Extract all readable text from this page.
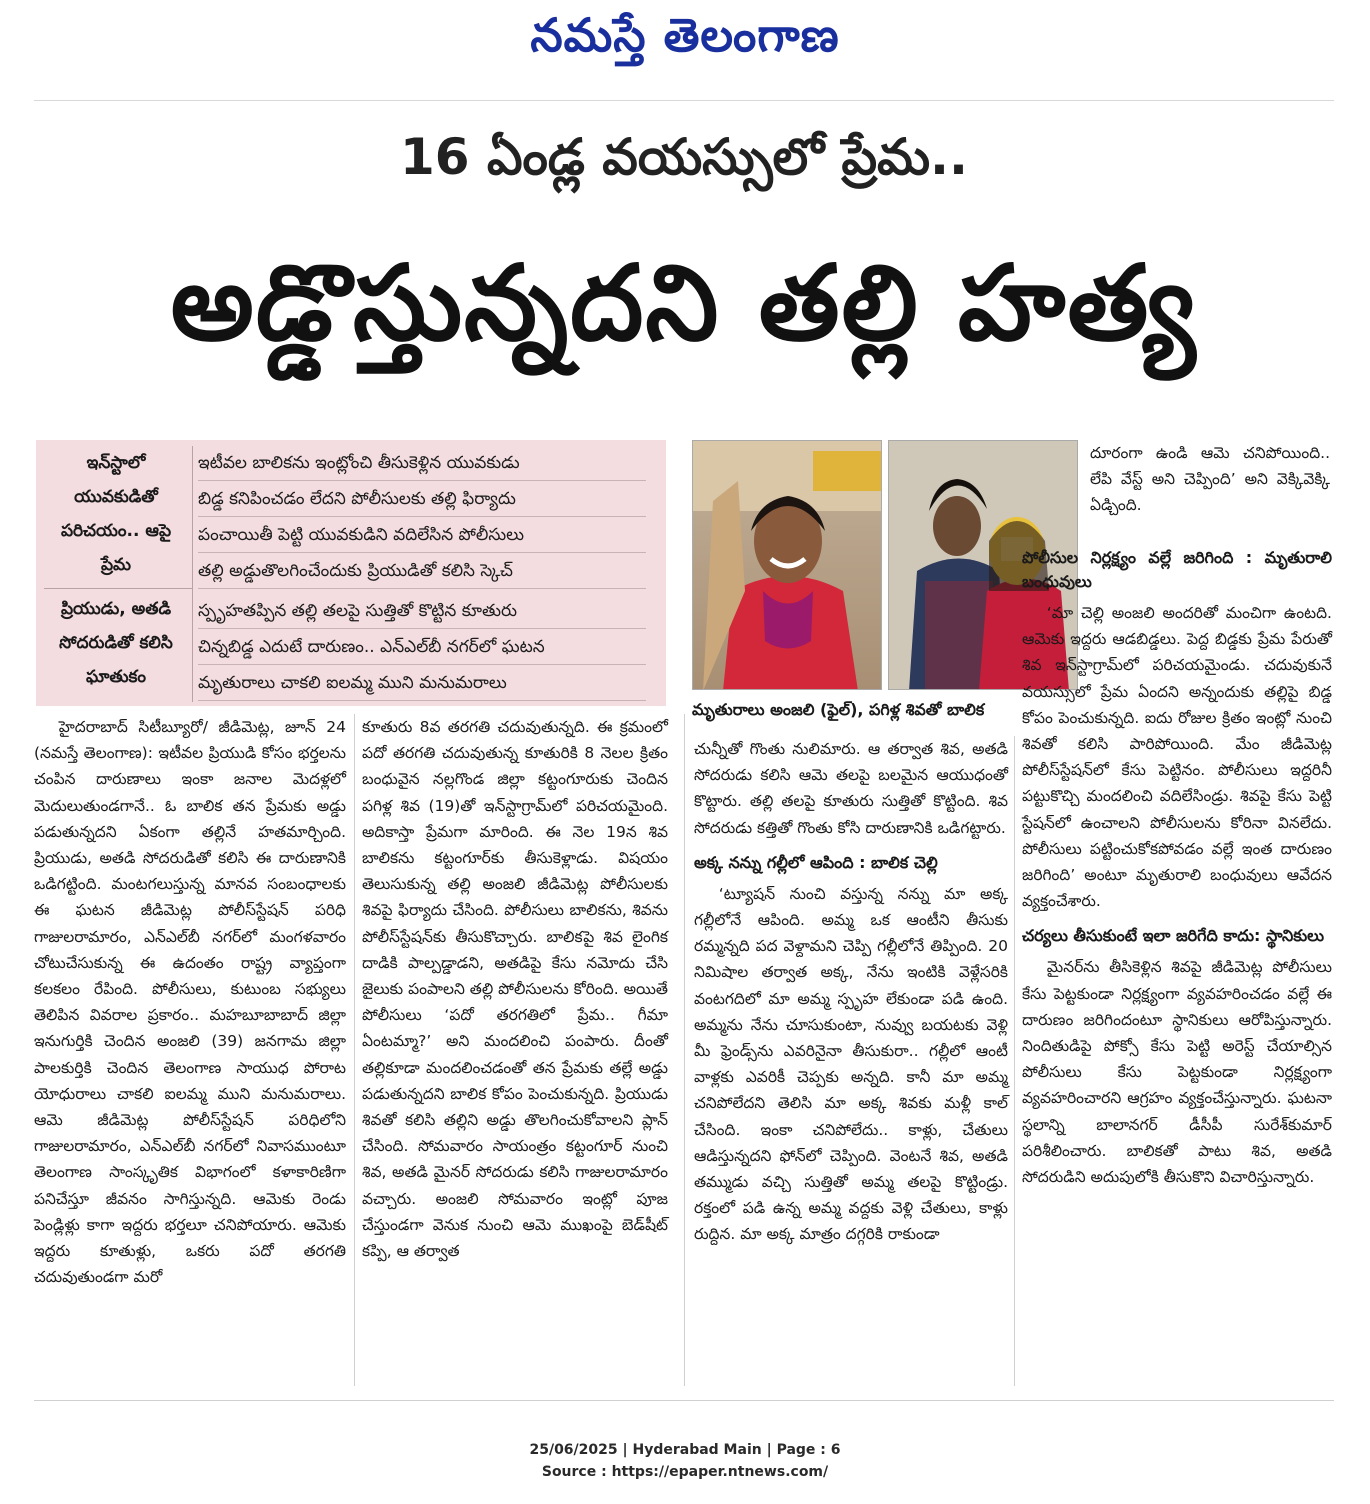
నమస్తే తెలంగాణ
16 ఏండ్ల వయస్సులో ప్రేమ..
అడ్డొస్తున్నదని తల్లి హత్య
ఇన్‌స్టాలో యువకుడితో పరిచయం.. ఆపై ప్రేమ
ప్రియుడు, అతడి సోదరుడితో కలిసి ఘాతుకం
ఇటీవల బాలికను ఇంట్లోంచి తీసుకెళ్లిన యువకుడు
బిడ్డ కనిపించడం లేదని పోలీసులకు తల్లి ఫిర్యాదు
పంచాయితీ పెట్టి యువకుడిని వదిలేసిన పోలీసులు
తల్లి అడ్డుతొలగించేందుకు ప్రియుడితో కలిసి స్కెచ్
స్పృహతప్పిన తల్లి తలపై సుత్తితో కొట్టిన కూతురు
చిన్నబిడ్డ ఎదుటే దారుణం.. ఎన్‌ఎల్‌బీ నగర్‌లో ఘటన
మృతురాలు చాకలి ఐలమ్మ ముని మనుమరాలు
మృతురాలు అంజలి (ఫైల్), పగిళ్ల శివతో బాలిక

హైదరాబాద్ సిటీబ్యూరో/ జీడిమెట్ల, జూన్ 24 (నమస్తే తెలంగాణ): ఇటీవల ప్రియుడి కోసం భర్తలను చంపిన దారుణాలు ఇంకా జనాల మెదళ్లలో మెదులుతుండగానే.. ఓ బాలిక తన ప్రేమకు అడ్డు పడుతున్నదని ఏకంగా తల్లినే హతమార్చింది. ప్రియుడు, అతడి సోదరుడితో కలిసి ఈ దారుణానికి ఒడిగట్టింది. మంటగలుస్తున్న మానవ సంబంధాలకు ఈ ఘటన జీడిమెట్ల పోలీస్‌స్టేషన్ పరిధి గాజులరామారం, ఎన్‌ఎల్‌బీ నగర్‌లో మంగళవారం చోటుచేసుకున్న ఈ ఉదంతం రాష్ట్ర వ్యాప్తంగా కలకలం రేపింది. పోలీసులు, కుటుంబ సభ్యులు తెలిపిన వివరాల ప్రకారం.. మహబూబాబాద్ జిల్లా ఇనుగుర్తికి చెందిన అంజలి (39) జనగామ జిల్లా పాలకుర్తికి చెందిన తెలంగాణ సాయుధ పోరాట యోధురాలు చాకలి ఐలమ్మ ముని మనుమరాలు. ఆమె జీడిమెట్ల పోలీస్‌స్టేషన్ పరిధిలోని గాజులరామారం, ఎన్‌ఎల్‌బీ నగర్‌లో నివాసముంటూ తెలంగాణ సాంస్కృతిక విభాగంలో కళాకారిణిగా పనిచేస్తూ జీవనం సాగిస్తున్నది. ఆమెకు రెండు పెండ్లిళ్లు కాగా ఇద్దరు భర్తలూ చనిపోయారు. ఆమెకు ఇద్దరు కూతుళ్లు, ఒకరు పదో తరగతి చదువుతుండగా మరో

కూతురు 8వ తరగతి చదువుతున్నది. ఈ క్రమంలో పదో తరగతి చదువుతున్న కూతురికి 8 నెలల క్రితం బంధువైన నల్లగొండ జిల్లా కట్టంగూరుకు చెందిన పగిళ్ల శివ (19)తో ఇన్‌స్టాగ్రామ్‌లో పరిచయమైంది. అదికాస్తా ప్రేమగా మారింది. ఈ నెల 19న శివ బాలికను కట్టంగూర్‌కు తీసుకెళ్లాడు. విషయం తెలుసుకున్న తల్లి అంజలి జీడిమెట్ల పోలీసులకు శివపై ఫిర్యాదు చేసింది. పోలీసులు బాలికను, శివను పోలీస్‌స్టేషన్‌కు తీసుకొచ్చారు. బాలికపై శివ లైంగిక దాడికి పాల్పడ్డాడని, అతడిపై కేసు నమోదు చేసి జైలుకు పంపాలని తల్లి పోలీసులను కోరింది. అయితే పోలీసులు ‘పదో తరగతిలో ప్రేమ.. గీమా ఏంటమ్మా?’ అని మందలించి పంపారు. దీంతో తల్లికూడా మందలించడంతో తన ప్రేమకు తల్లే అడ్డు పడుతున్నదని బాలిక కోపం పెంచుకున్నది. ప్రియుడు శివతో కలిసి తల్లిని అడ్డు తొలగించుకోవాలని ప్లాన్ చేసింది. సోమవారం సాయంత్రం కట్టంగూర్ నుంచి శివ, అతడి మైనర్ సోదరుడు కలిసి గాజులరామారం వచ్చారు. అంజలి సోమవారం ఇంట్లో పూజ చేస్తుండగా వెనుక నుంచి ఆమె ముఖంపై బెడ్‌షీట్ కప్పి, ఆ తర్వాత

చున్నీతో గొంతు నులిమారు. ఆ తర్వాత శివ, అతడి సోదరుడు కలిసి ఆమె తలపై బలమైన ఆయుధంతో కొట్టారు. తల్లి తలపై కూతురు సుత్తితో కొట్టింది. శివ సోదరుడు కత్తితో గొంతు కోసి దారుణానికి ఒడిగట్టారు.

అక్క నన్ను గల్లీలో ఆపింది : బాలిక చెల్లి

‘ట్యూషన్ నుంచి వస్తున్న నన్ను మా అక్క గల్లీలోనే ఆపింది. అమ్మ ఒక ఆంటీని తీసుకు రమ్మన్నది పద వెళ్దామని చెప్పి గల్లీలోనే తిప్పింది. 20 నిమిషాల తర్వాత అక్క, నేను ఇంటికి వెళ్లేసరికి వంటగదిలో మా అమ్మ స్పృహ లేకుండా పడి ఉంది. అమ్మను నేను చూసుకుంటా, నువ్వు బయటకు వెళ్లి మీ ఫ్రెండ్స్‌ను ఎవరినైనా తీసుకురా.. గల్లీలో ఆంటీ వాళ్లకు ఎవరికీ చెప్పకు అన్నది. కానీ మా అమ్మ చనిపోలేదని తెలిసి మా అక్క శివకు మళ్లీ కాల్ చేసింది. ఇంకా చనిపోలేదు.. కాళ్లు, చేతులు ఆడిస్తున్నదని ఫోన్‌లో చెప్పింది. వెంటనే శివ, అతడి తమ్ముడు వచ్చి సుత్తితో అమ్మ తలపై కొట్టిండ్రు. రక్తంలో పడి ఉన్న అమ్మ వద్దకు వెళ్లి చేతులు, కాళ్లు రుద్దిన. మా అక్క మాత్రం దగ్గరికి రాకుండా

దూరంగా ఉండి ఆమె చనిపోయింది.. లేపి వేస్ట్ అని చెప్పింది’ అని వెక్కివెక్కి ఏడ్చింది.

పోలీసుల నిర్లక్ష్యం వల్లే జరిగింది : మృతురాలి బంధువులు

‘మా చెల్లి అంజలి అందరితో మంచిగా ఉంటది. ఆమెకు ఇద్దరు ఆడబిడ్డలు. పెద్ద బిడ్డకు ప్రేమ పేరుతో శివ ఇన్‌స్టాగ్రామ్‌లో పరిచయమైండు. చదువుకునే వయస్సులో ప్రేమ ఏందని అన్నందుకు తల్లిపై బిడ్డ కోపం పెంచుకున్నది. ఐదు రోజుల క్రితం ఇంట్లో నుంచి శివతో కలిసి పారిపోయింది. మేం జీడిమెట్ల పోలీస్‌స్టేషన్‌లో కేసు పెట్టినం. పోలీసులు ఇద్దరినీ పట్టుకొచ్చి మందలించి వదిలేసిండ్రు. శివపై కేసు పెట్టి స్టేషన్‌లో ఉంచాలని పోలీసులను కోరినా వినలేదు. పోలీసులు పట్టించుకోకపోవడం వల్లే ఇంత దారుణం జరిగింది’ అంటూ మృతురాలి బంధువులు ఆవేదన వ్యక్తంచేశారు.

చర్యలు తీసుకుంటే ఇలా జరిగేది కాదు: స్థానికులు

మైనర్‌ను తీసికెళ్లిన శివపై జీడిమెట్ల పోలీసులు కేసు పెట్టకుండా నిర్లక్ష్యంగా వ్యవహరించడం వల్లే ఈ దారుణం జరిగిందంటూ స్థానికులు ఆరోపిస్తున్నారు. నిందితుడిపై పోక్సో కేసు పెట్టి అరెస్ట్ చేయాల్సిన పోలీసులు కేసు పెట్టకుండా నిర్లక్ష్యంగా వ్యవహరించారని ఆగ్రహం వ్యక్తంచేస్తున్నారు. ఘటనా స్థలాన్ని బాలానగర్ డీసీపీ సురేశ్‌కుమార్ పరిశీలించారు. బాలికతో పాటు శివ, అతడి సోదరుడిని అదుపులోకి తీసుకొని విచారిస్తున్నారు.

25/06/2025 | Hyderabad Main | Page : 6
Source : https://epaper.ntnews.com/
